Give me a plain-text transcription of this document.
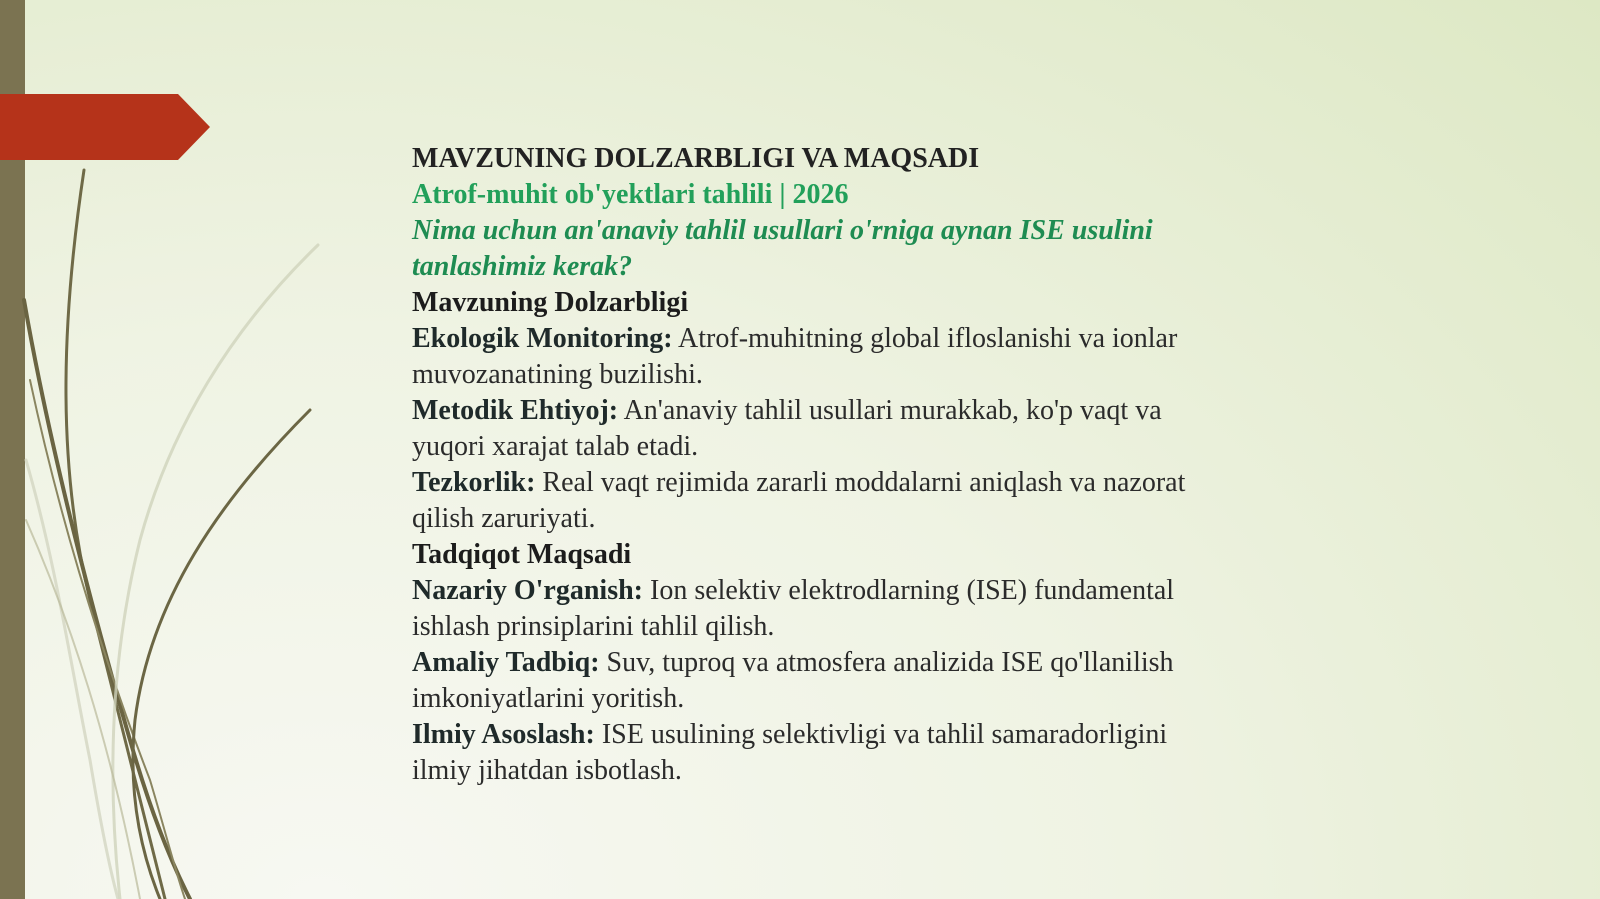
MAVZUNING DOLZARBLIGI VA MAQSADI

Atrof-muhit ob'yektlari tahlili | 2026

Nima uchun an'anaviy tahlil usullari o'rniga aynan ISE usulini tanlashimiz kerak?

Mavzuning Dolzarbligi

Ekologik Monitoring: Atrof-muhitning global ifloslanishi va ionlar muvozanatining buzilishi.

Metodik Ehtiyoj: An'anaviy tahlil usullari murakkab, ko'p vaqt va yuqori xarajat talab etadi.

Tezkorlik: Real vaqt rejimida zararli moddalarni aniqlash va nazorat qilish zaruriyati.

Tadqiqot Maqsadi

Nazariy O'rganish: Ion selektiv elektrodlarning (ISE) fundamental ishlash prinsiplarini tahlil qilish.

Amaliy Tadbiq: Suv, tuproq va atmosfera analizida ISE qo'llanilish imkoniyatlarini yoritish.

Ilmiy Asoslash: ISE usulining selektivligi va tahlil samaradorligini ilmiy jihatdan isbotlash.
